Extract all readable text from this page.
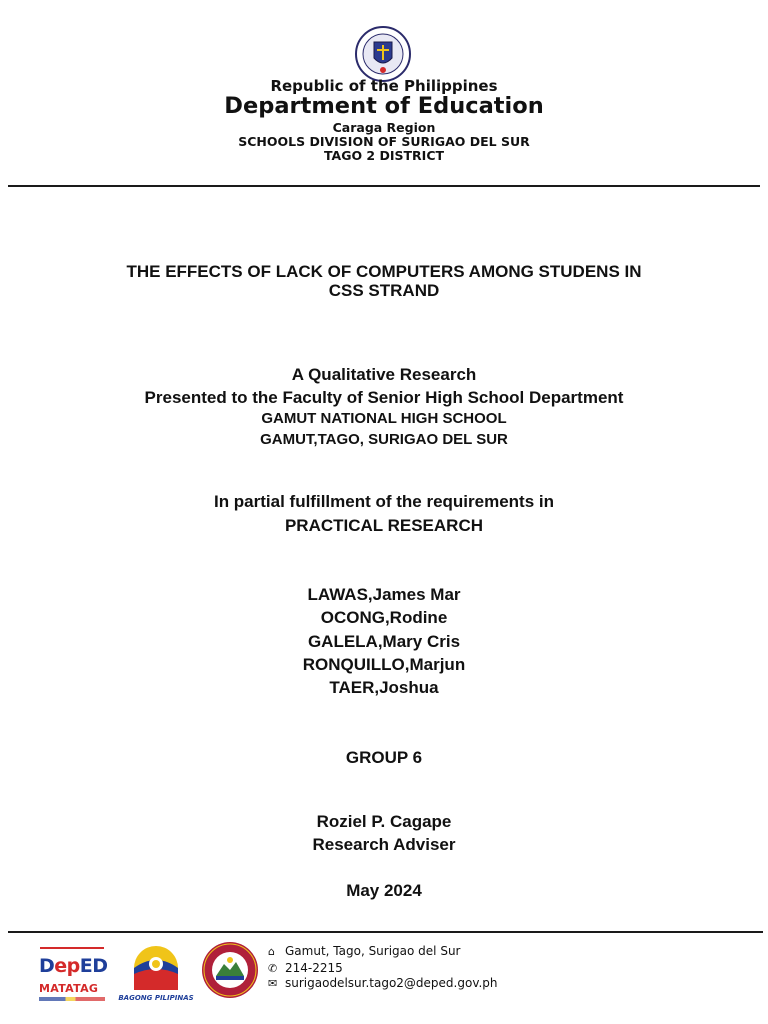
Republic of the Philippines
Department of Education
Caraga Region
SCHOOLS DIVISION OF SURIGAO DEL SUR
TAGO 2 DISTRICT
THE EFFECTS OF LACK OF COMPUTERS AMONG STUDENS IN
CSS STRAND
A Qualitative Research
Presented to the Faculty of Senior High School Department
GAMUT NATIONAL HIGH SCHOOL
GAMUT,TAGO, SURIGAO DEL SUR
In partial fulfillment of the requirements in
PRACTICAL RESEARCH
LAWAS,James Mar
OCONG,Rodine
GALELA,Mary Cris
RONQUILLO,Marjun
TAER,Joshua
GROUP 6
Roziel P. Cagape
Research Adviser
May 2024
DepED
MATATAG
BAGONG PILIPINAS
⌂ Gamut, Tago, Surigao del Sur
✆ 214-2215
✉ surigaodelsur.tago2@deped.gov.ph
